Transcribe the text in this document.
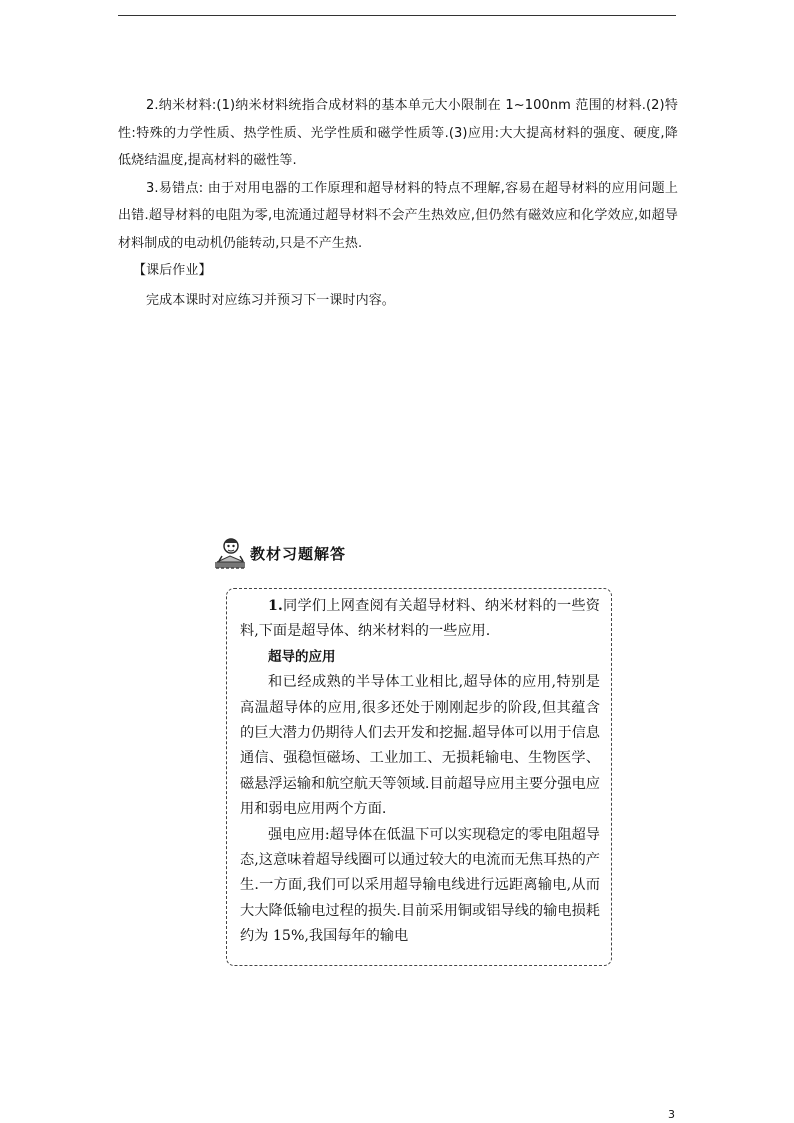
2.纳米材料:(1)纳米材料统指合成材料的基本单元大小限制在 1~100nm 范围的材料.(2)特性:特殊的力学性质、热学性质、光学性质和磁学性质等.(3)应用:大大提高材料的强度、硬度,降低烧结温度,提高材料的磁性等.

3.易错点: 由于对用电器的工作原理和超导材料的特点不理解,容易在超导材料的应用问题上出错.超导材料的电阻为零,电流通过超导材料不会产生热效应,但仍然有磁效应和化学效应,如超导材料制成的电动机仍能转动,只是不产生热.

【课后作业】

完成本课时对应练习并预习下一课时内容。

教材习题解答

1.同学们上网查阅有关超导材料、纳米材料的一些资料,下面是超导体、纳米材料的一些应用.

超导的应用

和已经成熟的半导体工业相比,超导体的应用,特别是高温超导体的应用,很多还处于刚刚起步的阶段,但其蕴含的巨大潜力仍期待人们去开发和挖掘.超导体可以用于信息通信、强稳恒磁场、工业加工、无损耗输电、生物医学、磁悬浮运输和航空航天等领域.目前超导应用主要分强电应用和弱电应用两个方面.

强电应用:超导体在低温下可以实现稳定的零电阻超导态,这意味着超导线圈可以通过较大的电流而无焦耳热的产生.一方面,我们可以采用超导输电线进行远距离输电,从而大大降低输电过程的损失.目前采用铜或铝导线的输电损耗约为 15%,我国每年的输电

3
